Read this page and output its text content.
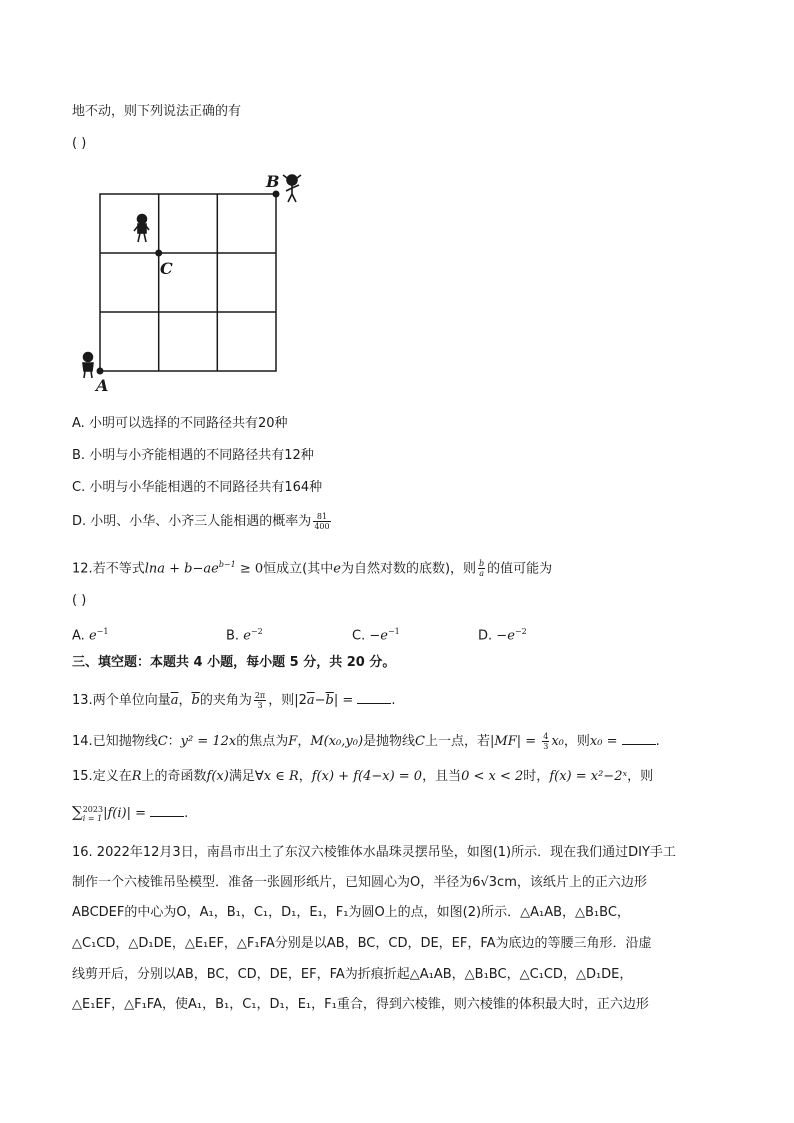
地不动，则下列说法正确的有
( )
B
C
A
A. 小明可以选择的不同路径共有20种
B. 小明与小齐能相遇的不同路径共有12种
C. 小明与小华能相遇的不同路径共有164种
D. 小明、小华、小齐三人能相遇的概率为 $\frac{81}{400}$
12.若不等式$\ln a + b-ae^{b-1} \ge 0$恒成立(其中e为自然对数的底数)，则 $\frac{b}{a}$ 的值可能为
( )
A. $e^{-1}$	B. $e^{-2}$	C. $-e^{-1}$	D. $-e^{-2}$
三、填空题：本题共 4 小题，每小题 5 分，共 20 分。
13.两个单位向量$\overline{a}$，$\overline{b}$的夹角为 $\frac{2\pi}{3}$ ，则$|2\overline{a}-\overline{b}|$ =	.
14.已知抛物线C：y² = 12x的焦点为F，M(x₀,y₀)是抛物线C上一点，若$|MF| = \frac{4}{3} x_0$，则x₀ =	.
15.定义在R上的奇函数f(x)满足∀x ∈ R，f(x) + f(4−x) = 0，且当0 < x < 2时，f(x) = x²−2ˣ，则
∑ 2023
i = 1 |f(i)| =	.
16. 2022年12月3日，南昌市出土了东汉六棱锥体水晶珠灵摆吊坠，如图(1)所示．现在我们通过DIY手工
制作一个六棱锥吊坠模型．准备一张圆形纸片，已知圆心为O，半径为6√3cm，该纸片上的正六边形
ABCDEF的中心为O，A₁，B₁，C₁，D₁，E₁，F₁为圆O上的点，如图(2)所示．△A₁AB，△B₁BC，
△C₁CD，△D₁DE，△E₁EF，△F₁FA分别是以AB，BC，CD，DE，EF，FA为底边的等腰三角形．沿虚
线剪开后，分别以AB，BC，CD，DE，EF，FA为折痕折起△A₁AB，△B₁BC，△C₁CD，△D₁DE，
△E₁EF，△F₁FA，使A₁，B₁，C₁，D₁，E₁，F₁重合，得到六棱锥，则六棱锥的体积最大时，正六边形
